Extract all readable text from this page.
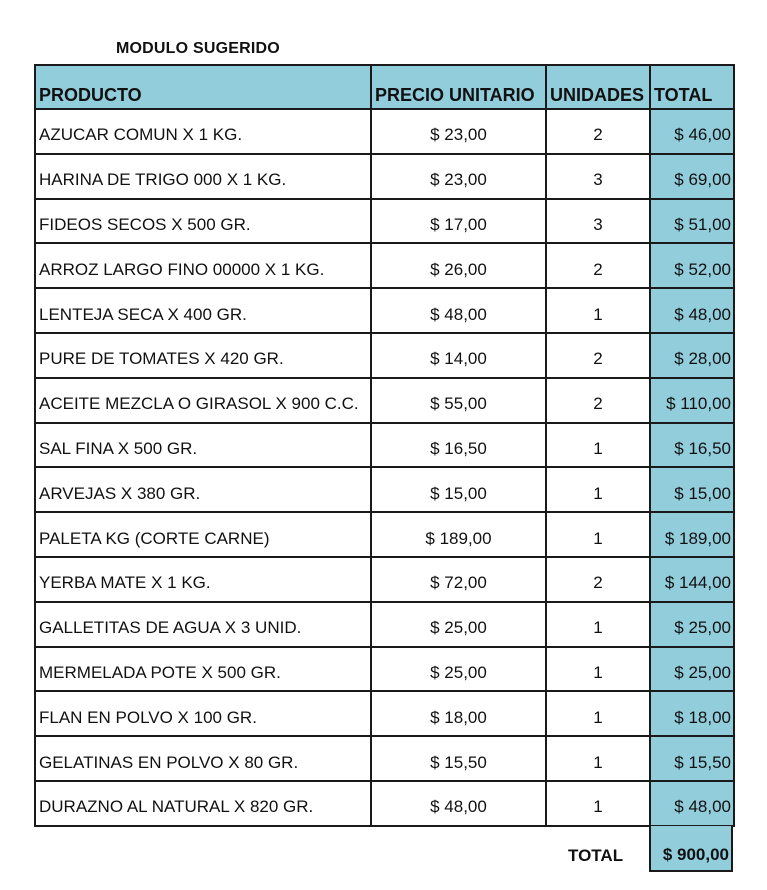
MODULO SUGERIDO
PRODUCTO	PRECIO UNITARIO	UNIDADES	TOTAL
AZUCAR COMUN X 1 KG.	$ 23,00	2	$ 46,00
HARINA DE TRIGO 000 X 1 KG.	$ 23,00	3	$ 69,00
FIDEOS SECOS X 500 GR.	$ 17,00	3	$ 51,00
ARROZ LARGO FINO 00000 X 1 KG.	$ 26,00	2	$ 52,00
LENTEJA SECA X 400 GR.	$ 48,00	1	$ 48,00
PURE DE TOMATES X 420 GR.	$ 14,00	2	$ 28,00
ACEITE MEZCLA O GIRASOL X 900 C.C.	$ 55,00	2	$ 110,00
SAL FINA X 500 GR.	$ 16,50	1	$ 16,50
ARVEJAS X 380 GR.	$ 15,00	1	$ 15,00
PALETA KG (CORTE CARNE)	$ 189,00	1	$ 189,00
YERBA MATE X 1 KG.	$ 72,00	2	$ 144,00
GALLETITAS DE AGUA X 3 UNID.	$ 25,00	1	$ 25,00
MERMELADA POTE X 500 GR.	$ 25,00	1	$ 25,00
FLAN EN POLVO X 100 GR.	$ 18,00	1	$ 18,00
GELATINAS EN POLVO X 80 GR.	$ 15,50	1	$ 15,50
DURAZNO AL NATURAL X 820 GR.	$ 48,00	1	$ 48,00
TOTAL	$ 900,00
